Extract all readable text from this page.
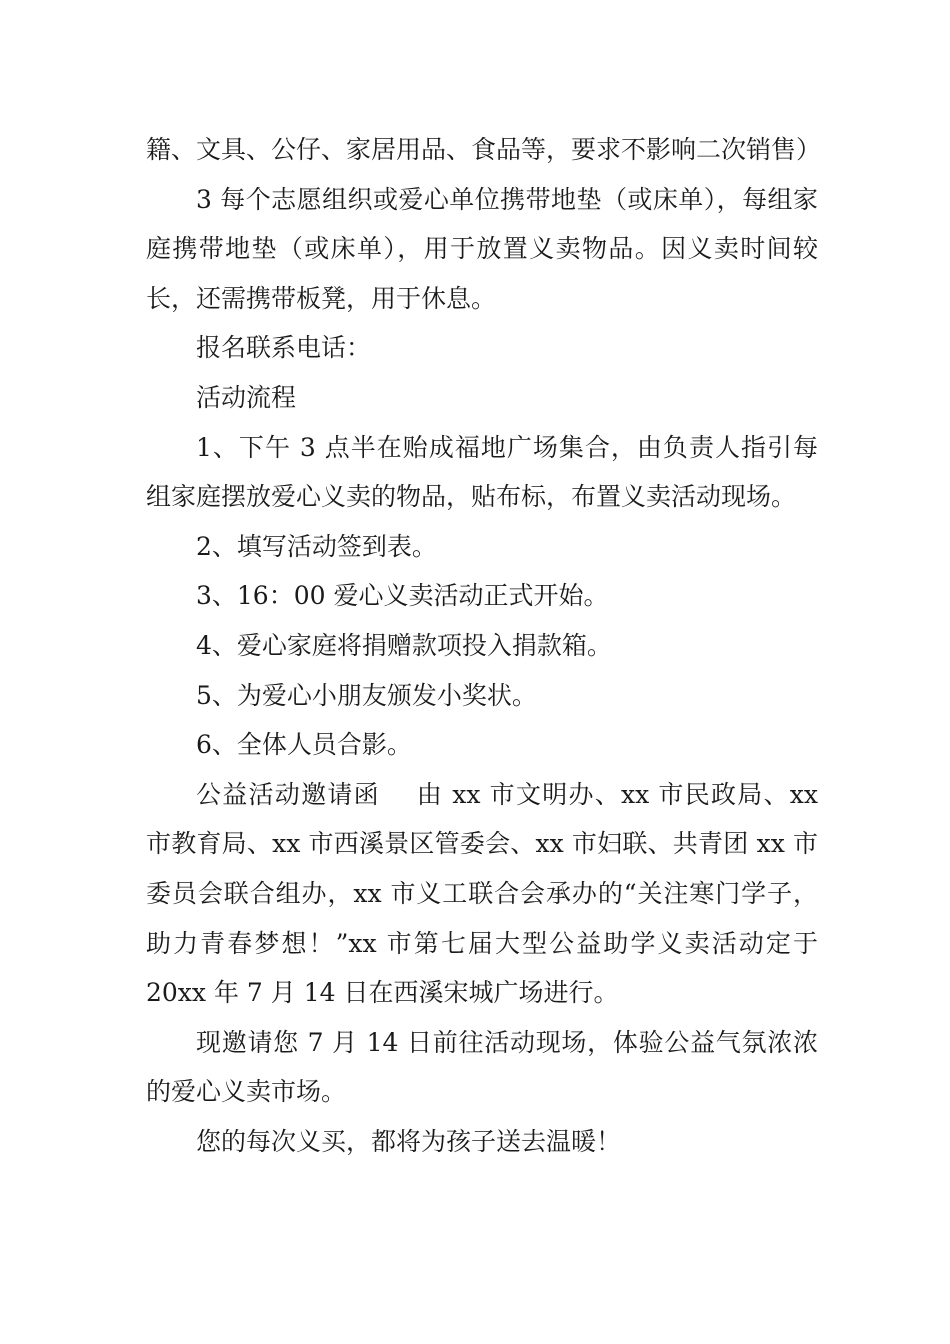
籍、文具、公仔、家居用品、食品等，要求不影响二次销售）

3 每个志愿组织或爱心单位携带地垫（或床单），每组家庭携带地垫（或床单），用于放置义卖物品。因义卖时间较长，还需携带板凳，用于休息。

报名联系电话：

活动流程

1、下午 3 点半在贻成福地广场集合，由负责人指引每组家庭摆放爱心义卖的物品，贴布标，布置义卖活动现场。

2、填写活动签到表。

3、16：00 爱心义卖活动正式开始。

4、爱心家庭将捐赠款项投入捐款箱。

5、为爱心小朋友颁发小奖状。

6、全体人员合影。

公益活动邀请函    由 xx 市文明办、xx 市民政局、xx 市教育局、xx 市西溪景区管委会、xx 市妇联、共青团 xx 市委员会联合组办，xx 市义工联合会承办的“关注寒门学子，助力青春梦想！”xx 市第七届大型公益助学义卖活动定于 20xx 年 7 月 14 日在西溪宋城广场进行。

现邀请您 7 月 14 日前往活动现场，体验公益气氛浓浓的爱心义卖市场。

您的每次义买，都将为孩子送去温暖！
